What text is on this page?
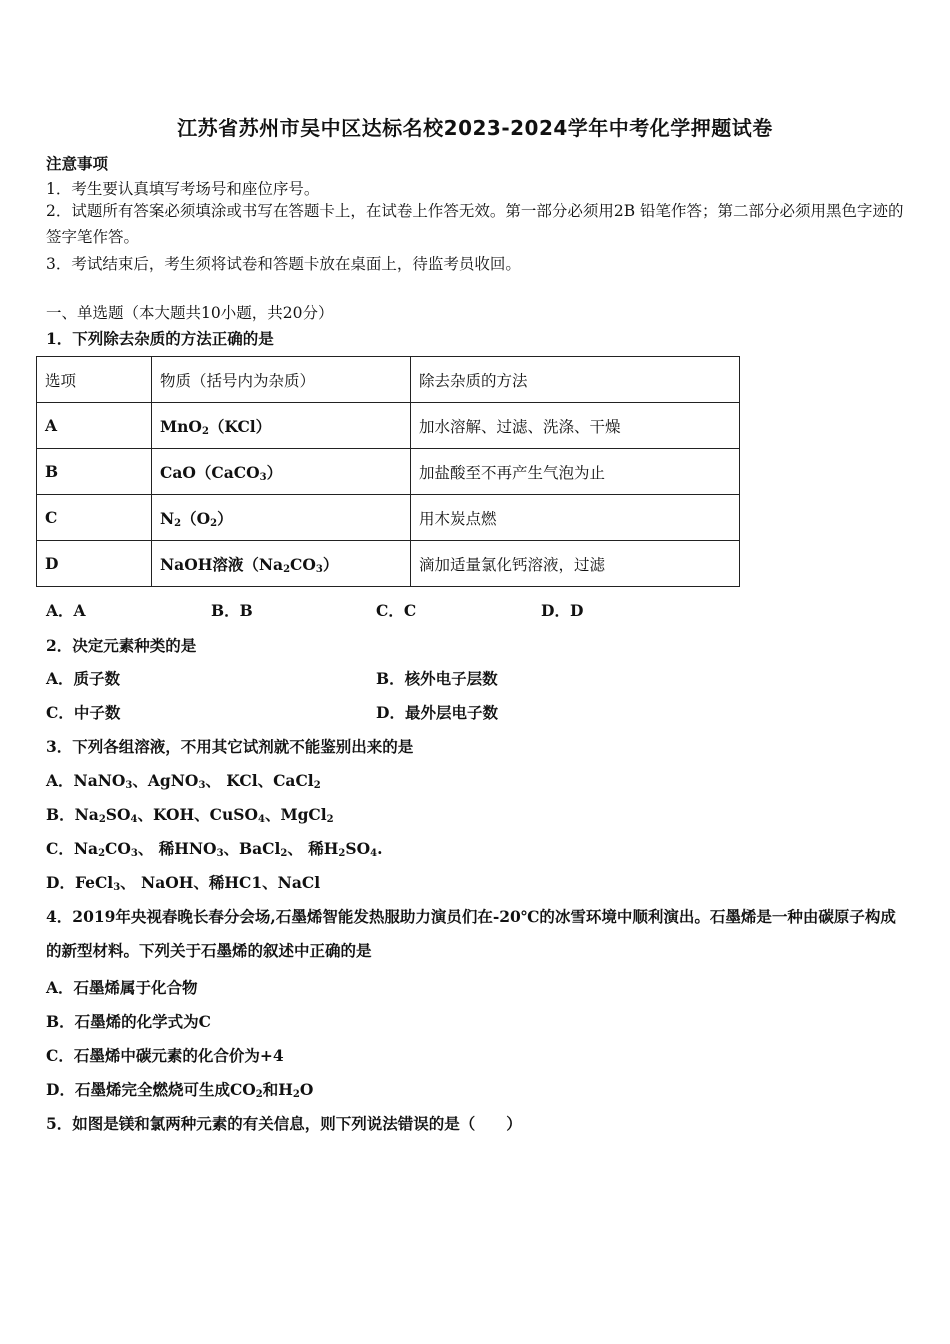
江苏省苏州市吴中区达标名校2023-2024学年中考化学押题试卷
注意事项
1．考生要认真填写考场号和座位序号。
2．试题所有答案必须填涂或书写在答题卡上，在试卷上作答无效。第一部分必须用2B 铅笔作答；第二部分必须用黑色字迹的签字笔作答。
3．考试结束后，考生须将试卷和答题卡放在桌面上，待监考员收回。
一、单选题（本大题共10小题，共20分）
1．下列除去杂质的方法正确的是
选项	物质（括号内为杂质）	除去杂质的方法
A	MnO$_2$（KCl）	加水溶解、过滤、洗涤、干燥
B	CaO（CaCO$_3$）	加盐酸至不再产生气泡为止
C	$N_2(O_2)$	用木炭点燃
D	NaOH溶液$(Na_2CO_3)$	滴加适量氯化钙溶液，过滤
A．A	B．B	C．C	D．D
2．决定元素种类的是
A．质子数	B．核外电子层数
C．中子数	D．最外层电子数
3．下列各组溶液，不用其它试剂就不能鉴别出来的是
A．NaNO$_3$、AgNO$_3$、 KCl、CaCl$_2$
B．$Na_2SO_4$、KOH、CuSO$_4$、MgCl$_2$
C．$Na_2CO_3$、 稀$HNO_3$、BaCl$_2$、 稀$H_2SO_4$.
D．FeCl$_3$、 NaOH、稀HC1、NaCl
4．2019年央视春晚长春分会场,石墨烯智能发热服助力演员们在-20℃的冰雪环境中顺利演出。石墨烯是一种由碳原子构成的新型材料。下列关于石墨烯的叙述中正确的是
A．石墨烯属于化合物
B．石墨烯的化学式为C
C．石墨烯中碳元素的化合价为+4
D．石墨烯完全燃烧可生成$CO_2$和$H_2O$
5．如图是镁和氯两种元素的有关信息，则下列说法错误的是（　　）
